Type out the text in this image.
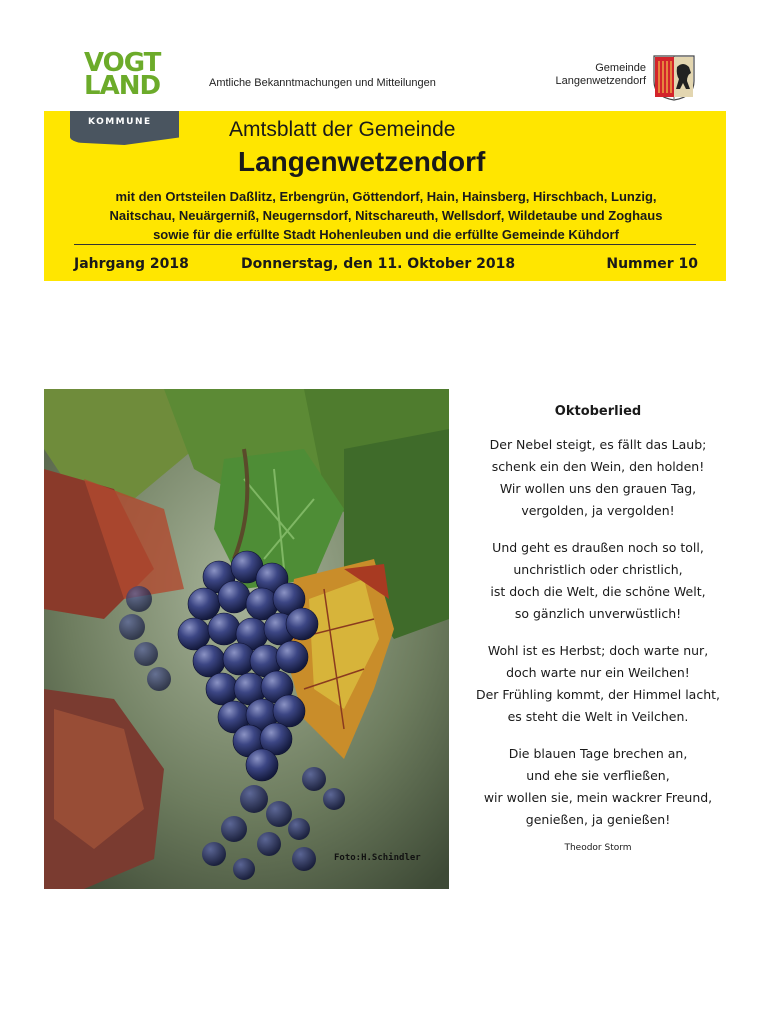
VOGT
LAND	Amtliche Bekanntmachungen und Mitteilungen
Gemeinde
Langenwetzendorf
KOMMUNE	Amtsblatt der Gemeinde
Langenwetzendorf
mit den Ortsteilen Daßlitz, Erbengrün, Göttendorf, Hain, Hainsberg, Hirschbach, Lunzig,
Naitschau, Neuärgerniß, Neugernsdorf, Nitschareuth, Wellsdorf, Wildetaube und Zoghaus
sowie für die erfüllte Stadt Hohenleuben und die erfüllte Gemeinde Kühdorf
Jahrgang 2018	Donnerstag, den 11. Oktober 2018	Nummer 10
Foto:H.Schindler
Oktoberlied
Der Nebel steigt, es fällt das Laub;
schenk ein den Wein, den holden!
Wir wollen uns den grauen Tag,
vergolden, ja vergolden!
Und geht es draußen noch so toll,
unchristlich oder christlich,
ist doch die Welt, die schöne Welt,
so gänzlich unverwüstlich!
Wohl ist es Herbst; doch warte nur,
doch warte nur ein Weilchen!
Der Frühling kommt, der Himmel lacht,
es steht die Welt in Veilchen.
Die blauen Tage brechen an,
und ehe sie verfließen,
wir wollen sie, mein wackrer Freund,
genießen, ja genießen!
Theodor Storm
